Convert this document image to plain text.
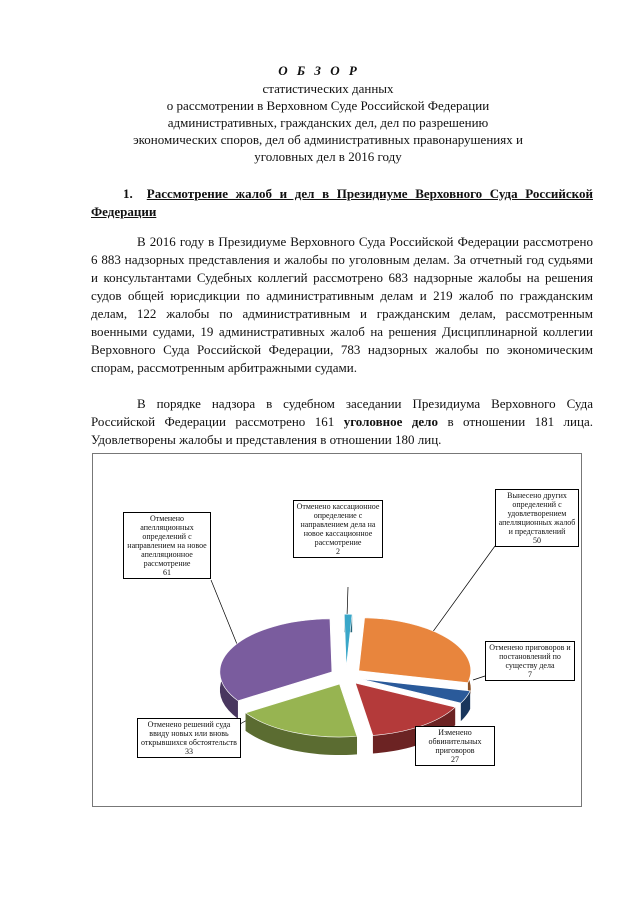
О Б З О Р
статистических данных
о рассмотрении в Верховном Суде Российской Федерации
административных, гражданских дел, дел по разрешению
экономических споров, дел об административных правонарушениях и
уголовных дел в 2016 году
1. Рассмотрение жалоб и дел в Президиуме Верховного Суда Российской Федерации

В 2016 году в Президиуме Верховного Суда Российской Федерации рассмотрено 6 883 надзорных представления и жалобы по уголовным делам. За отчетный год судьями и консультантами Судебных коллегий рассмотрено 683 надзорные жалобы на решения судов общей юрисдикции по административным делам и 219 жалоб по гражданским делам, 122 жалобы по административным и гражданским делам, рассмотренным военными судами, 19 административных жалоб на решения Дисциплинарной коллегии Верховного Суда Российской Федерации, 783 надзорных жалобы по экономическим спорам, рассмотренным арбитражными судами.

В порядке надзора в судебном заседании Президиума Верховного Суда Российской Федерации рассмотрено 161 уголовное дело в отношении 181 лица. Удовлетворены жалобы и представления в отношении 180 лиц.

Отменено апелляционных определений с направлением на новое апелляционное рассмотрение
61
Отменено кассационное определение с направлением дела на новое кассационное рассмотрение
2
Вынесено других определений с удовлетворением апелляционных жалоб и представлений
50
Отменено приговоров и постановлений по существу дела
7
Изменено обвинительных приговоров
27
Отменено решений суда ввиду новых или вновь открывшихся обстоятельств
33
